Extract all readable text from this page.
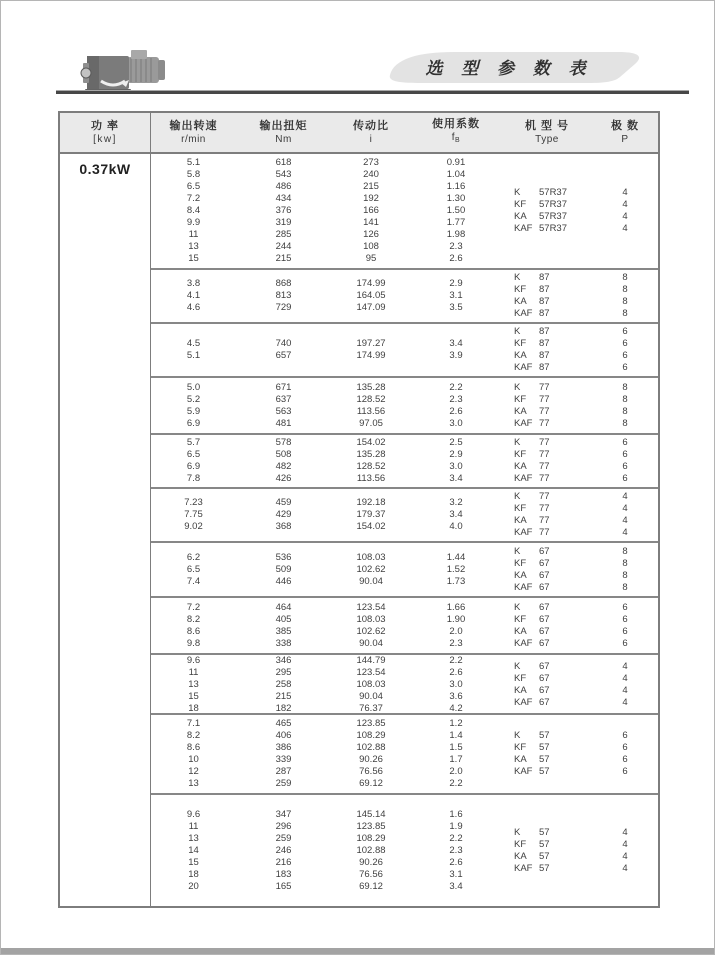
选 型 参 数 表
功 率
[kw]
0.37kW
输出转速
r/min
输出扭矩
Nm
传动比
i
使用系数
$f_B$
机 型 号
Type
极 数
P
5.1
5.8
6.5
7.2
8.4
9.9
11
13
15
618
543
486
434
376
319
285
244
215
273
240
215
192
166
141
126
108
95
0.91
1.04
1.16
1.30
1.50
1.77
1.98
2.3
2.6
K 57R37
KF 57R37
KA 57R37
KAF 57R37
4
4
4
4
3.8
4.1
4.6
868
813
729
174.99
164.05
147.09
2.9
3.1
3.5
K 87
KF 87
KA 87
KAF 87
8
8
8
8
4.5
5.1
740
657
197.27
174.99
3.4
3.9
K 87
KF 87
KA 87
KAF 87
6
6
6
6
5.0
5.2
5.9
6.9
671
637
563
481
135.28
128.52
113.56
97.05
2.2
2.3
2.6
3.0
K 77
KF 77
KA 77
KAF 77
8
8
8
8
5.7
6.5
6.9
7.8
578
508
482
426
154.02
135.28
128.52
113.56
2.5
2.9
3.0
3.4
K 77
KF 77
KA 77
KAF 77
6
6
6
6
7.23
7.75
9.02
459
429
368
192.18
179.37
154.02
3.2
3.4
4.0
K 77
KF 77
KA 77
KAF 77
4
4
4
4
6.2
6.5
7.4
536
509
446
108.03
102.62
90.04
1.44
1.52
1.73
K 67
KF 67
KA 67
KAF 67
8
8
8
8
7.2
8.2
8.6
9.8
464
405
385
338
123.54
108.03
102.62
90.04
1.66
1.90
2.0
2.3
K 67
KF 67
KA 67
KAF 67
6
6
6
6
9.6
11
13
15
18
346
295
258
215
182
144.79
123.54
108.03
90.04
76.37
2.2
2.6
3.0
3.6
4.2
K 67
KF 67
KA 67
KAF 67
4
4
4
4
7.1
8.2
8.6
10
12
13
465
406
386
339
287
259
123.85
108.29
102.88
90.26
76.56
69.12
1.2
1.4
1.5
1.7
2.0
2.2
K 57
KF 57
KA 57
KAF 57
6
6
6
6
9.6
11
13
14
15
18
20
347
296
259
246
216
183
165
145.14
123.85
108.29
102.88
90.26
76.56
69.12
1.6
1.9
2.2
2.3
2.6
3.1
3.4
K 57
KF 57
KA 57
KAF 57
4
4
4
4
